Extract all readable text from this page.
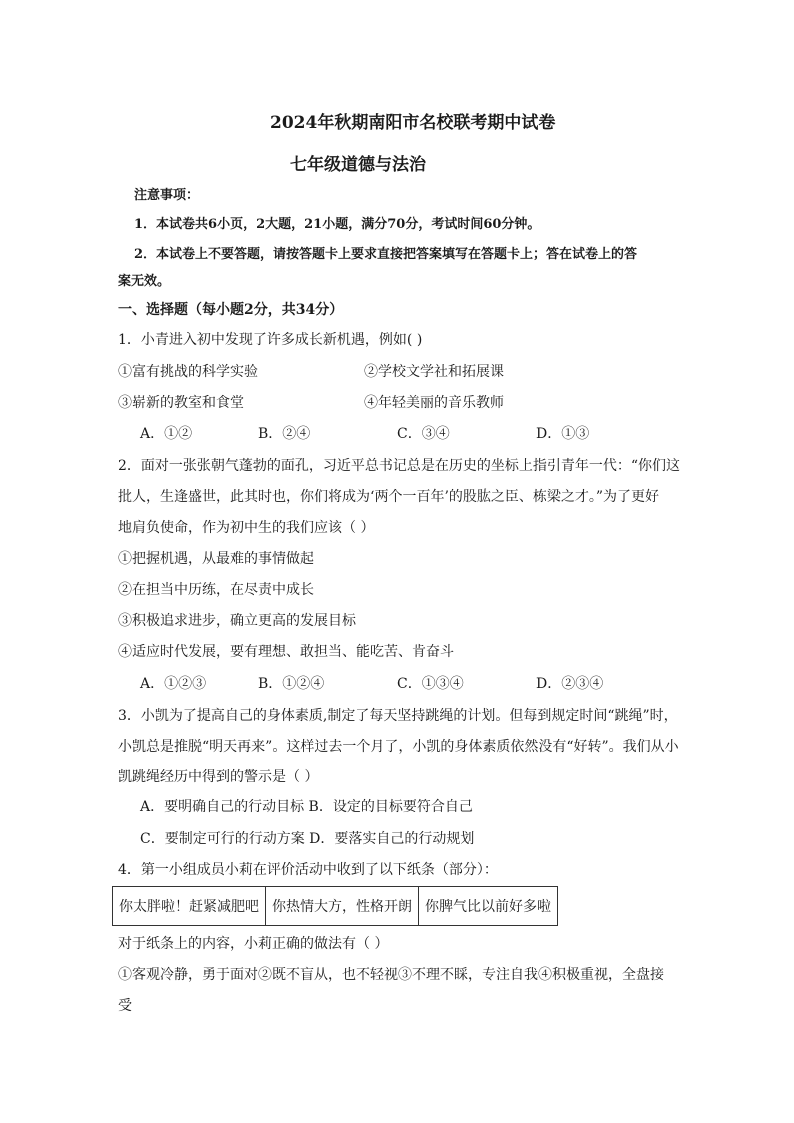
2024年秋期南阳市名校联考期中试卷
七年级道德与法治
注意事项：
1．本试卷共6小页，2大题，21小题，满分70分，考试时间60分钟。
2．本试卷上不要答题，请按答题卡上要求直接把答案填写在答题卡上；答在试卷上的答
案无效。
一、选择题（每小题2分，共34分）
1．小青进入初中发现了许多成长新机遇，例如( )
①富有挑战的科学实验	②学校文学社和拓展课
③崭新的教室和食堂	④年轻美丽的音乐教师
A．①②	B．②④	C．③④	D．①③
2．面对一张张朝气蓬勃的面孔，习近平总书记总是在历史的坐标上指引青年一代：“你们这
批人，生逢盛世，此其时也，你们将成为‘两个一百年’的股肱之臣、栋梁之才。”为了更好
地肩负使命，作为初中生的我们应该（ ）
①把握机遇，从最难的事情做起
②在担当中历练，在尽责中成长
③积极追求进步，确立更高的发展目标
④适应时代发展，要有理想、敢担当、能吃苦、肯奋斗
A．①②③	B．①②④	C．①③④	D．②③④
3．小凯为了提高自己的身体素质,制定了每天坚持跳绳的计划。但每到规定时间“跳绳”时，
小凯总是推脱“明天再来”。这样过去一个月了，小凯的身体素质依然没有“好转”。我们从小
凯跳绳经历中得到的警示是（ ）
A．要明确自己的行动目标 B．设定的目标要符合自己
C．要制定可行的行动方案 D．要落实自己的行动规划
4．第一小组成员小莉在评价活动中收到了以下纸条（部分）：
你太胖啦！赶紧减肥吧	你热情大方，性格开朗	你脾气比以前好多啦
对于纸条上的内容，小莉正确的做法有（ ）
①客观冷静，勇于面对②既不盲从，也不轻视③不理不睬，专注自我④积极重视，全盘接
受
